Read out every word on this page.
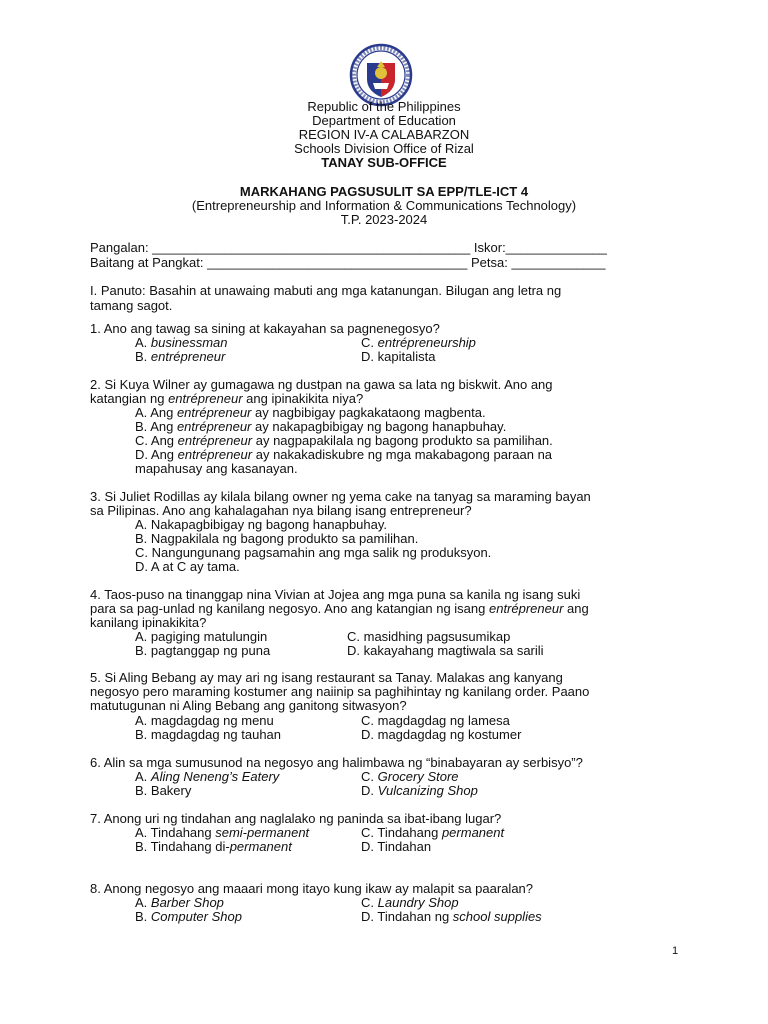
Republic of the Philippines
Department of Education
REGION IV-A CALABARZON
Schools Division Office of Rizal
TANAY SUB-OFFICE
MARKAHANG PAGSUSULIT SA EPP/TLE-ICT 4
(Entrepreneurship and Information & Communications Technology)
T.P. 2023-2024
Pangalan: ____________________________________________ Iskor:______________
Baitang at Pangkat: ____________________________________ Petsa: _____________
I. Panuto: Basahin at unawaing mabuti ang mga katanungan. Bilugan ang letra ng
tamang sagot.
1. Ano ang tawag sa sining at kakayahan sa pagnenegosyo?
A. businessman	C. entrépreneurship
B. entrépreneur	D. kapitalista
2. Si Kuya Wilner ay gumagawa ng dustpan na gawa sa lata ng biskwit. Ano ang
katangian ng entrépreneur ang ipinakikita niya?
A. Ang entrépreneur ay nagbibigay pagkakataong magbenta.
B. Ang entrépreneur ay nakapagbibigay ng bagong hanapbuhay.
C. Ang entrépreneur ay nagpapakilala ng bagong produkto sa pamilihan.
D. Ang entrépreneur ay nakakadiskubre ng mga makabagong paraan na
mapahusay ang kasanayan.
3. Si Juliet Rodillas ay kilala bilang owner ng yema cake na tanyag sa maraming bayan
sa Pilipinas. Ano ang kahalagahan nya bilang isang entrepreneur?
A. Nakapagbibigay ng bagong hanapbuhay.
B. Nagpakilala ng bagong produkto sa pamilihan.
C. Nangungunang pagsamahin ang mga salik ng produksyon.
D. A at C ay tama.
4. Taos-puso na tinanggap nina Vivian at Jojea ang mga puna sa kanila ng isang suki
para sa pag-unlad ng kanilang negosyo. Ano ang katangian ng isang entrépreneur ang
kanilang ipinakikita?
A. pagiging matulungin	C. masidhing pagsusumikap
B. pagtanggap ng puna	D. kakayahang magtiwala sa sarili
5. Si Aling Bebang ay may ari ng isang restaurant sa Tanay. Malakas ang kanyang
negosyo pero maraming kostumer ang naiinip sa paghihintay ng kanilang order. Paano
matutugunan ni Aling Bebang ang ganitong sitwasyon?
A. magdagdag ng menu	C. magdagdag ng lamesa
B. magdagdag ng tauhan	D. magdagdag ng kostumer
6. Alin sa mga sumusunod na negosyo ang halimbawa ng “binabayaran ay serbisyo”?
A. Aling Neneng’s Eatery	C. Grocery Store
B. Bakery	D. Vulcanizing Shop
7. Anong uri ng tindahan ang naglalako ng paninda sa ibat-ibang lugar?
A. Tindahang semi-permanent	C. Tindahang permanent
B. Tindahang di-permanent	D. Tindahan
8. Anong negosyo ang maaari mong itayo kung ikaw ay malapit sa paaralan?
A. Barber Shop	C. Laundry Shop
B. Computer Shop	D. Tindahan ng school supplies
1
